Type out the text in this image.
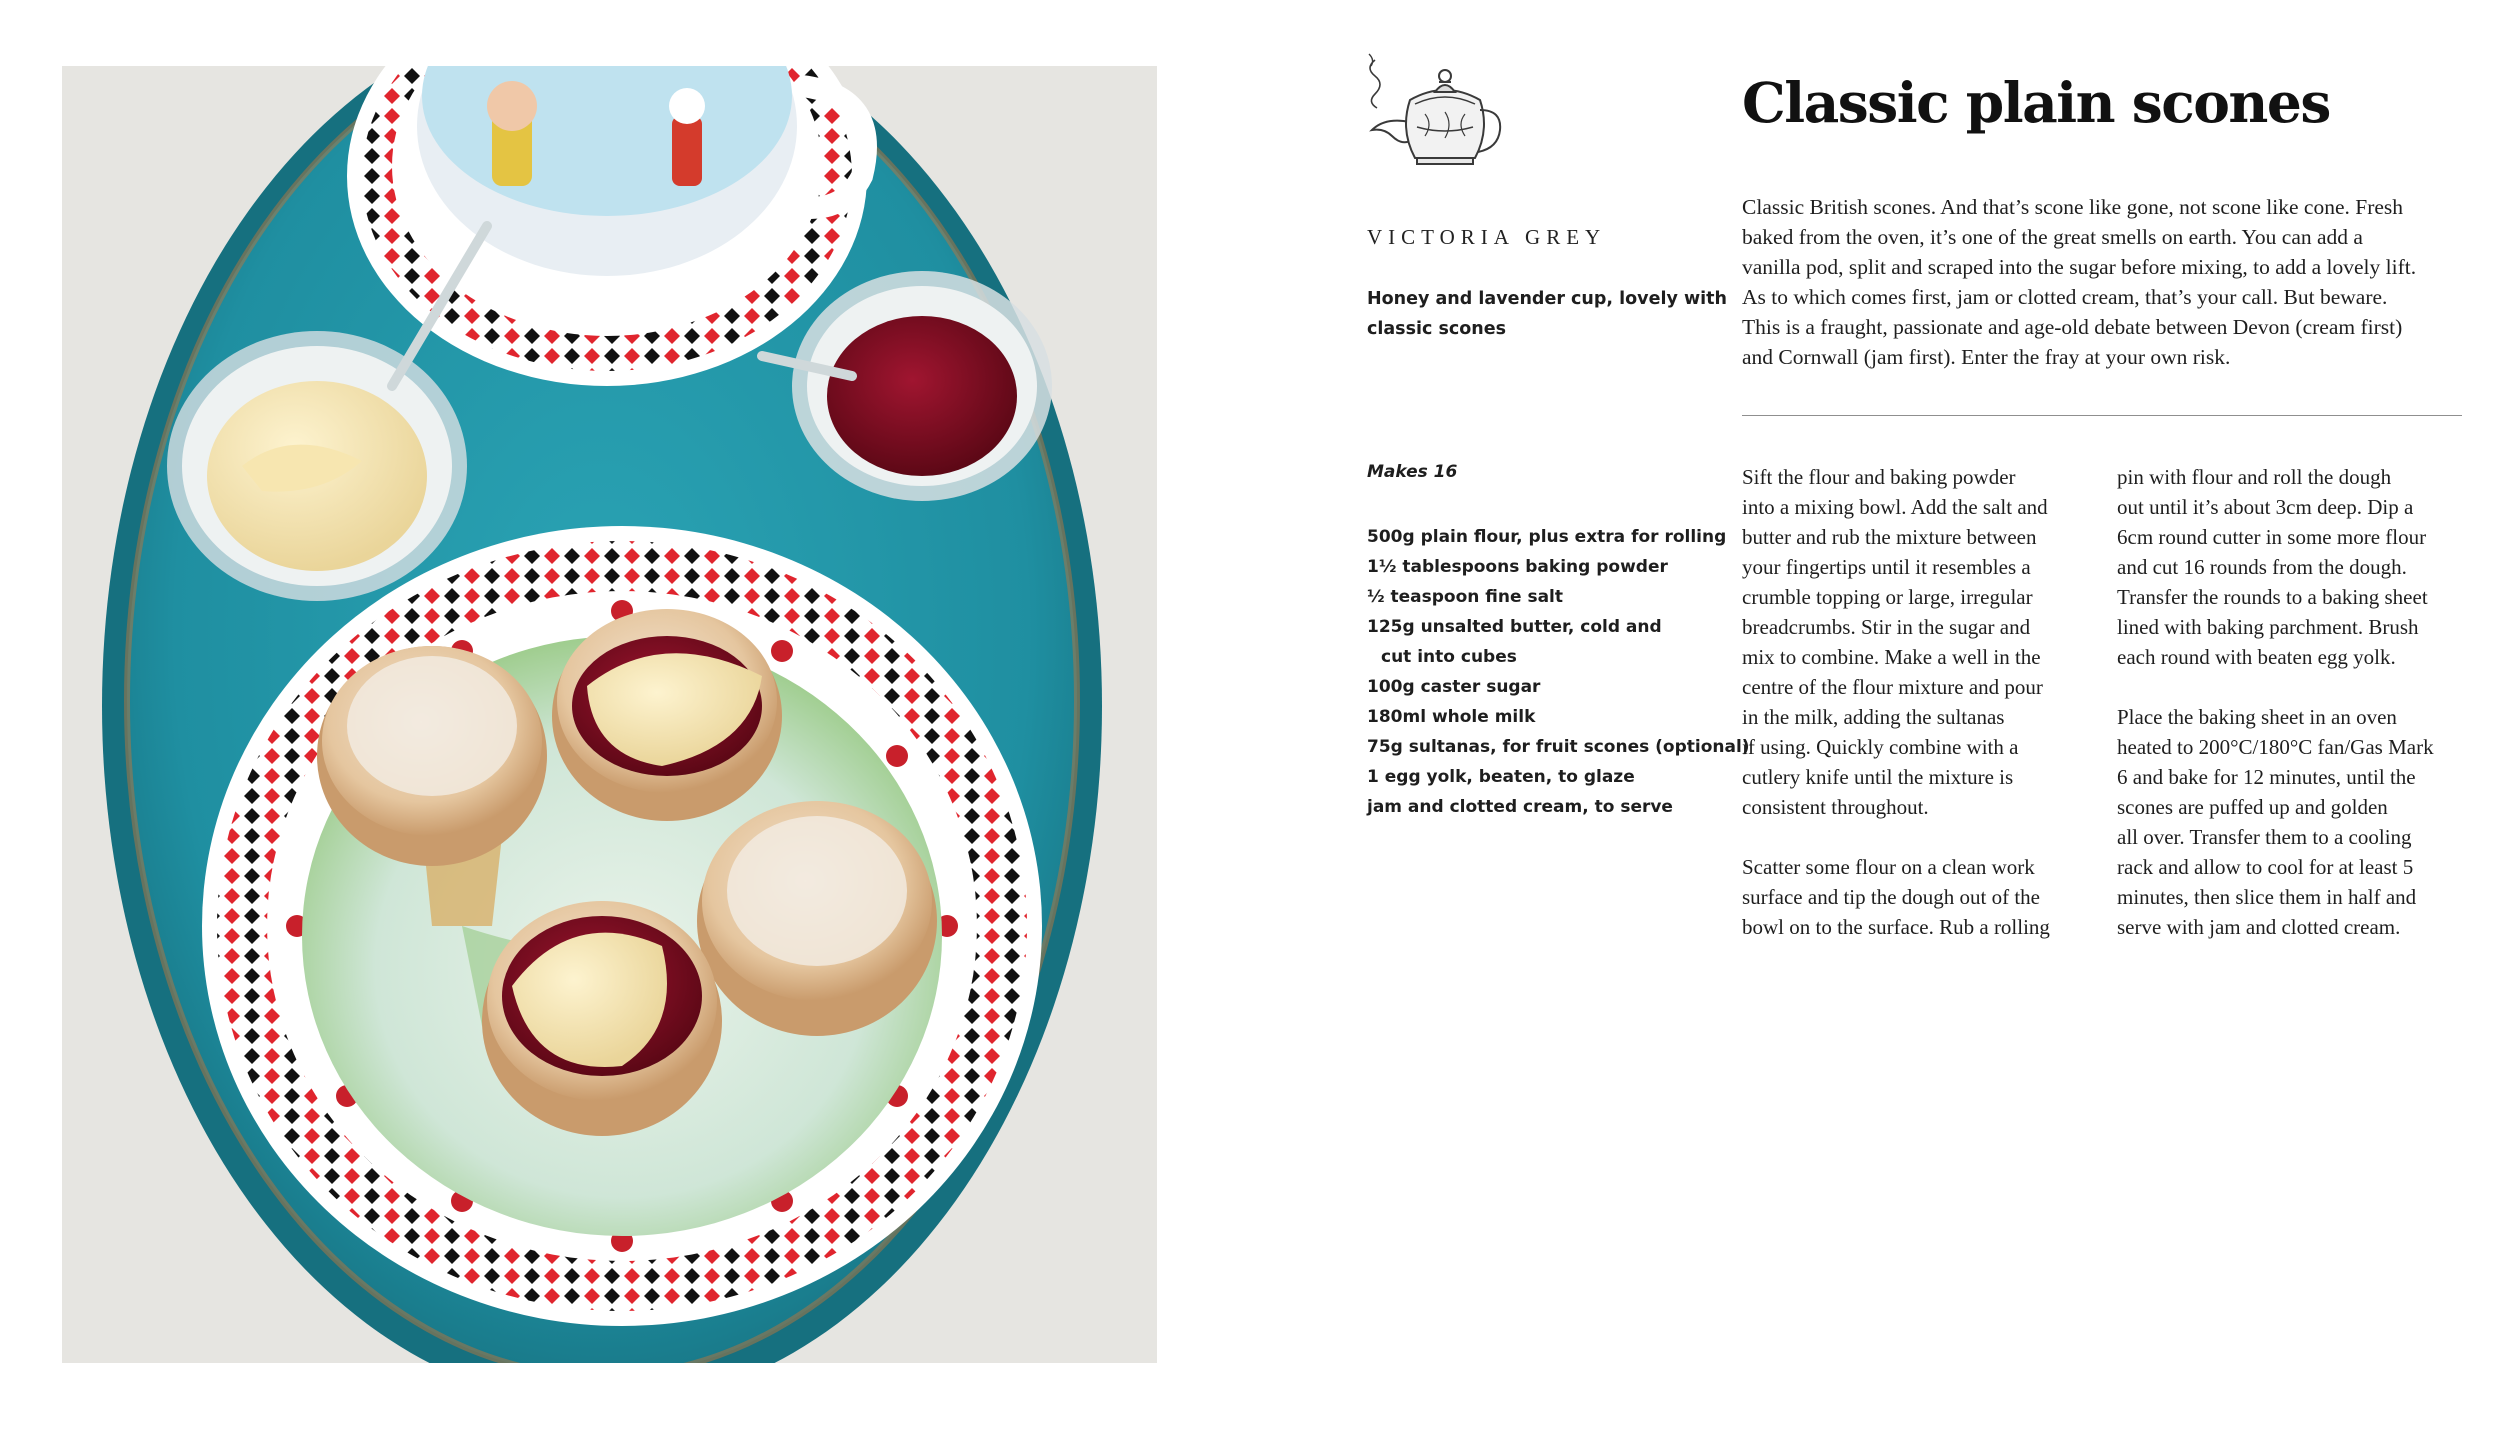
Classic plain scones
VICTORIA GREY
Honey and lavender cup, lovely with
classic scones
Classic British scones. And that’s scone like gone, not scone like cone. Fresh
baked from the oven, it’s one of the great smells on earth. You can add a
vanilla pod, split and scraped into the sugar before mixing, to add a lovely lift.
As to which comes first, jam or clotted cream, that’s your call. But beware.
This is a fraught, passionate and age-old debate between Devon (cream first)
and Cornwall (jam first). Enter the fray at your own risk.
Makes 16
500g plain flour, plus extra for rolling
1½ tablespoons baking powder
½ teaspoon fine salt
125g unsalted butter, cold and
cut into cubes
100g caster sugar
180ml whole milk
75g sultanas, for fruit scones (optional)
1 egg yolk, beaten, to glaze
jam and clotted cream, to serve

Sift the flour and baking powder
into a mixing bowl. Add the salt and
butter and rub the mixture between
your fingertips until it resembles a
crumble topping or large, irregular
breadcrumbs. Stir in the sugar and
mix to combine. Make a well in the
centre of the flour mixture and pour
in the milk, adding the sultanas
if using. Quickly combine with a
cutlery knife until the mixture is
consistent throughout.

Scatter some flour on a clean work
surface and tip the dough out of the
bowl on to the surface. Rub a rolling

pin with flour and roll the dough
out until it’s about 3cm deep. Dip a
6cm round cutter in some more flour
and cut 16 rounds from the dough.
Transfer the rounds to a baking sheet
lined with baking parchment. Brush
each round with beaten egg yolk.

Place the baking sheet in an oven
heated to 200°C/180°C fan/Gas Mark
6 and bake for 12 minutes, until the
scones are puffed up and golden
all over. Transfer them to a cooling
rack and allow to cool for at least 5
minutes, then slice them in half and
serve with jam and clotted cream.
